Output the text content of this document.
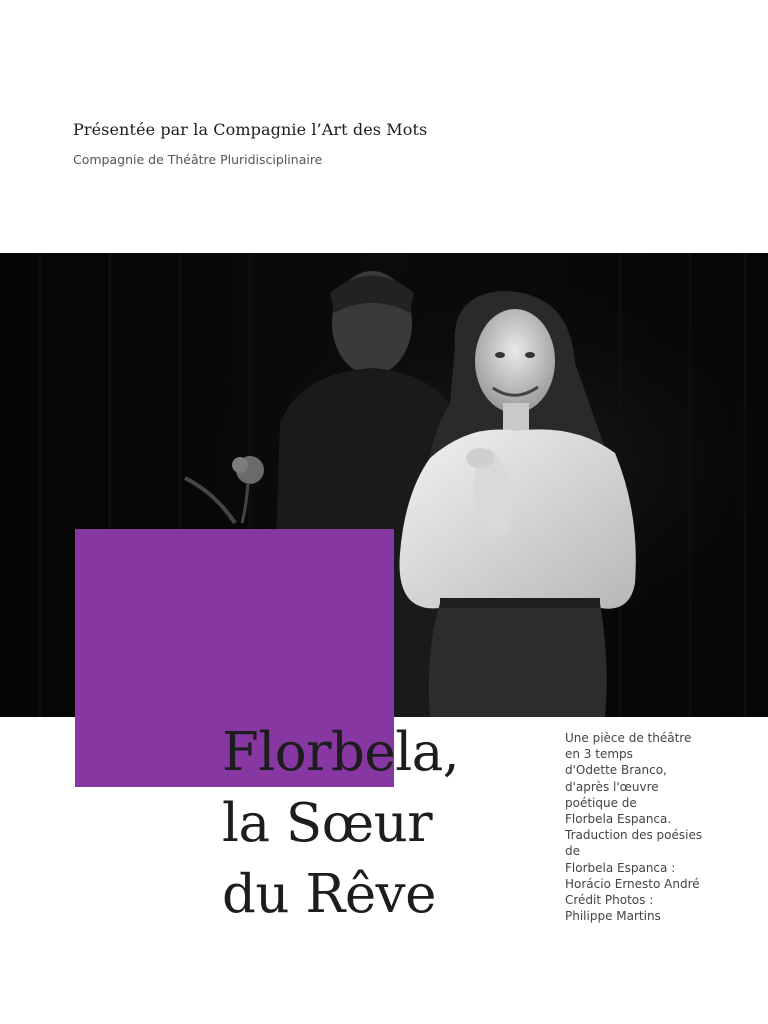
Présentée par la Compagnie l’Art des Mots
Compagnie de Théâtre Pluridisciplinaire
Florbela,
la Sœur
du Rêve
Une pièce de théâtre
en 3 temps
d'Odette Branco,
d'après l'œuvre
poétique de
Florbela Espanca.
Traduction des poésies
de
Florbela Espanca :
Horácio Ernesto André
Crédit Photos :
Philippe Martins
